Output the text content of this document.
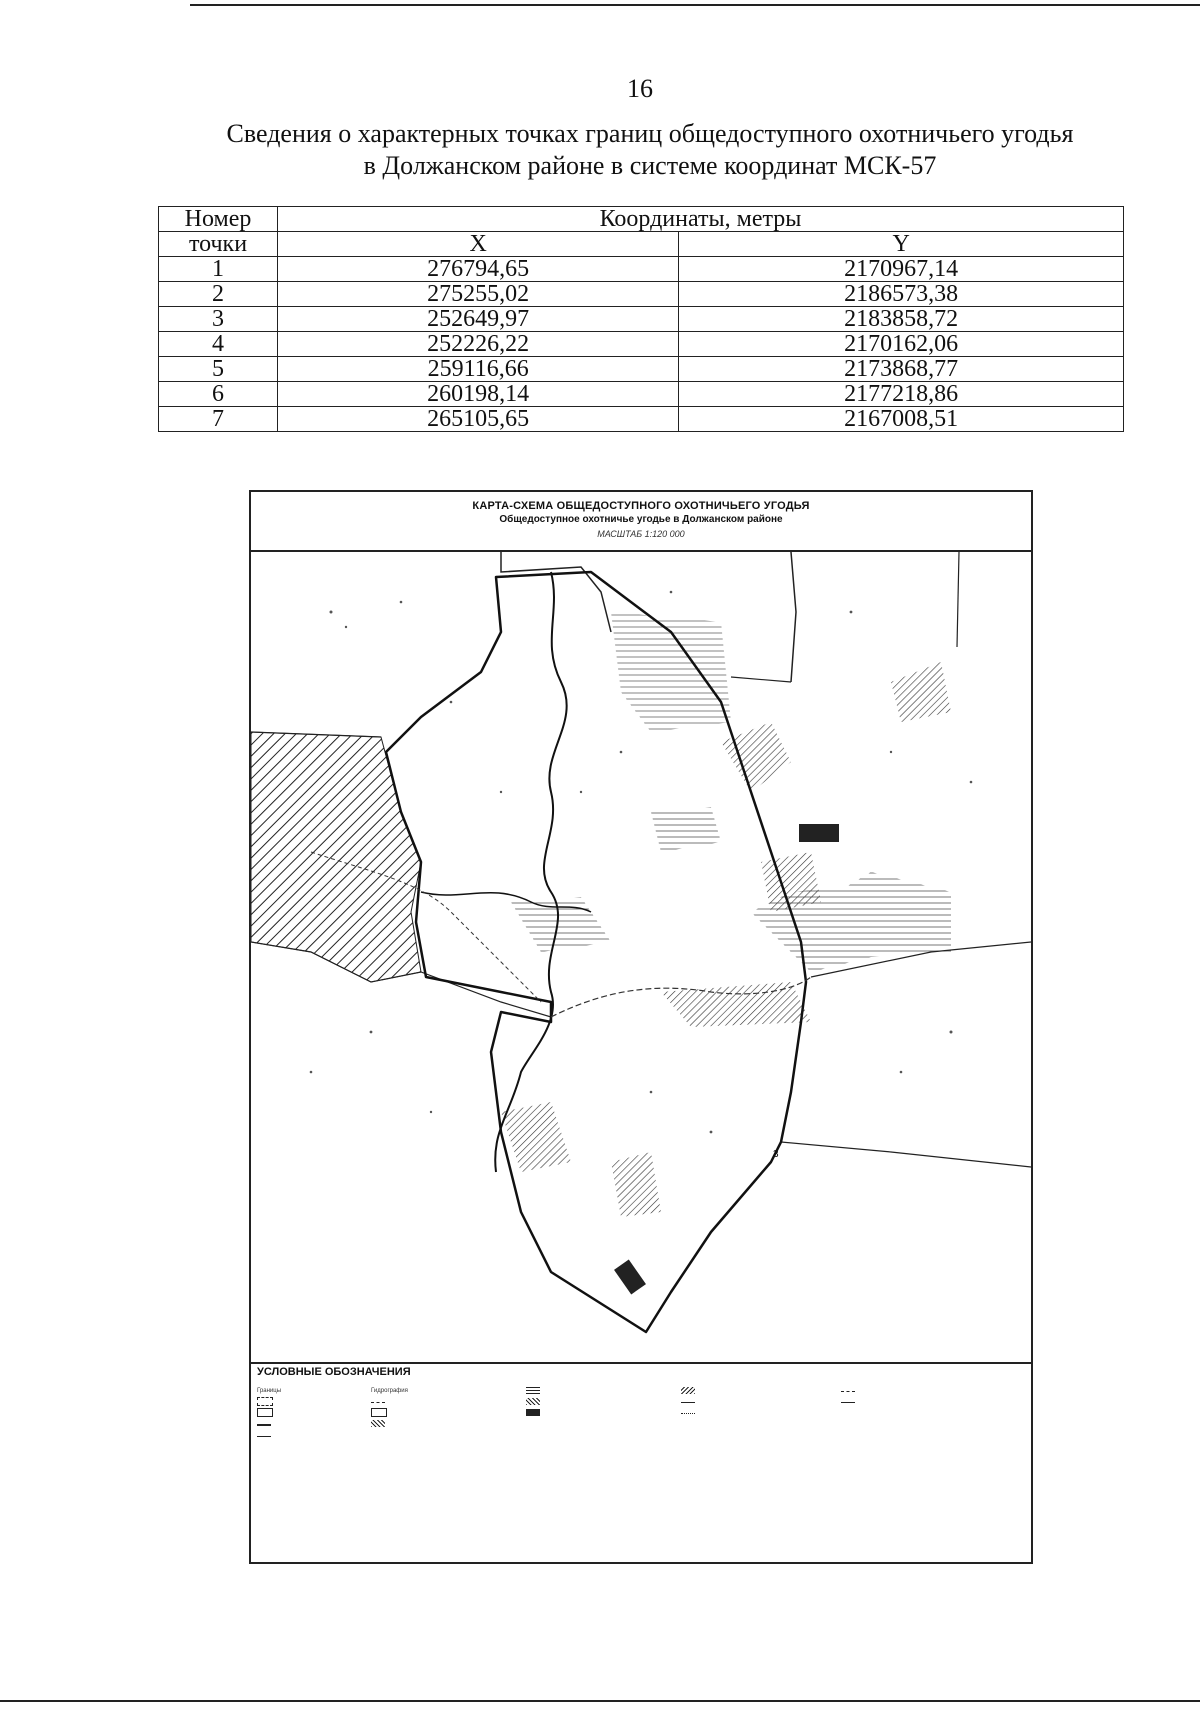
16
Сведения о характерных точках границ общедоступного охотничьего угодья
в Должанском районе в системе координат МСК-57
Номер	Координаты, метры	
точки	X	Y
1	276794,65	2170967,14
2	275255,02	2186573,38
3	252649,97	2183858,72
4	252226,22	2170162,06
5	259116,66	2173868,77
6	260198,14	2177218,86
7	265105,65	2167008,51
КАРТА-СХЕМА ОБЩЕДОСТУПНОГО ОХОТНИЧЬЕГО УГОДЬЯ
Общедоступное охотничье угодье в Должанском районе
МАСШТАБ 1:120 000
3
УСЛОВНЫЕ ОБОЗНАЧЕНИЯ
Границы	Гидрография
